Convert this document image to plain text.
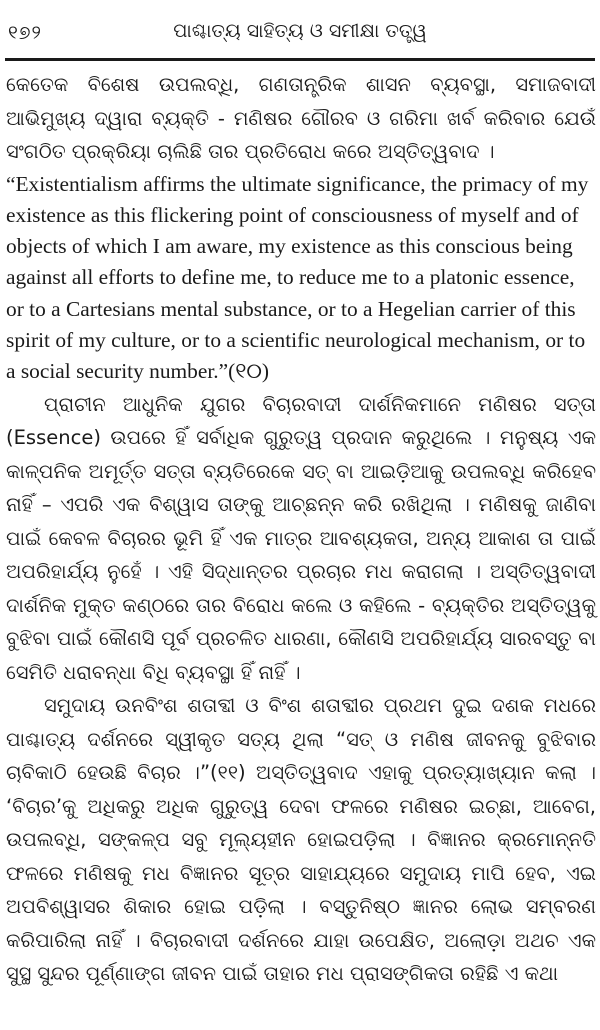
୧୭୨	ପାଶ୍ଚାତ୍ୟ ସାହିତ୍ୟ ଓ ସମୀକ୍ଷା ତତ୍ତ୍ୱ

କେତେକ ବିଶେଷ ଉପଲବ୍ଧି, ଗଣତାନ୍ତ୍ରିକ ଶାସନ ବ୍ୟବସ୍ଥା, ସମାଜବାଦୀ ଆଭିମୁଖ୍ୟ ଦ୍ୱାରା ବ୍ୟକ୍ତି - ମଣିଷର ଗୌରବ ଓ ଗରିମା ଖର୍ବ କରିବାର ଯେଉଁ ସଂଗଠିତ ପ୍ରକ୍ରିୟା ଚାଲିଛି ତାର ପ୍ରତିରୋଧ କରେ ଅସ୍ତିତ୍ୱବାଦ ।

“Existentialism affirms the ultimate significance, the primacy of my existence as this flickering point of consciousness of myself and of objects of which I am aware, my existence as this conscious being against all efforts to define me, to reduce me to a platonic essence, or to a Cartesians mental substance, or to a Hegelian carrier of this spirit of my culture, or to a scientific neurological mechanism, or to a social security number.”(୧୦)

ପ୍ରାଚୀନ ଆଧୁନିକ ଯୁଗର ବିଚାରବାଦୀ ଦାର୍ଶନିକମାନେ ମଣିଷର ସତ୍ତା (Essence) ଉପରେ ହିଁ ସର୍ବାଧିକ ଗୁରୁତ୍ୱ ପ୍ରଦାନ କରୁଥିଲେ । ମନୁଷ୍ୟ ଏକ କାଳ୍ପନିକ ଅମୂର୍ତ୍ତ ସତ୍ତା ବ୍ୟତିରେକେ ସତ୍ ବା ଆଇଡ଼ିଆକୁ ଉପଲବ୍ଧି କରିହେବ ନାହିଁ – ଏପରି ଏକ ବିଶ୍ୱାସ ତାଙ୍କୁ ଆଚ୍ଛନ୍ନ କରି ରଖିଥିଲା । ମଣିଷକୁ ଜାଣିବା ପାଇଁ କେବଳ ବିଚାରର ଭୂମି ହିଁ ଏକ ମାତ୍ର ଆବଶ୍ୟକତା, ଅନ୍ୟ ଆକାଶ ତା ପାଇଁ ଅପରିହାର୍ଯ୍ୟ ନୁହେଁ । ଏହି ସିଦ୍ଧାନ୍ତର ପ୍ରଚାର ମଧ କରାଗଲା । ଅସ୍ତିତ୍ୱବାଦୀ ଦାର୍ଶନିକ ମୁକ୍ତ କଣ୍ଠରେ ତାର ବିରୋଧ କଲେ ଓ କହିଲେ - ବ୍ୟକ୍ତିର ଅସ୍ତିତ୍ୱକୁ ବୁଝିବା ପାଇଁ କୌଣସି ପୂର୍ବ ପ୍ରଚଳିତ ଧାରଣା, କୌଣସି ଅପରିହାର୍ଯ୍ୟ ସାରବସ୍ତୁ ବା ସେମିତି ଧରାବନ୍ଧା ବିଧି ବ୍ୟବସ୍ଥା ହିଁ ନାହିଁ ।

ସମୁଦାୟ ଉନବିଂଶ ଶତାବ୍ଦୀ ଓ ବିଂଶ ଶତାବ୍ଦୀର ପ୍ରଥମ ଦୁଇ ଦଶକ ମଧରେ ପାଶ୍ଚାତ୍ୟ ଦର୍ଶନରେ ସ୍ୱୀକୃତ ସତ୍ୟ ଥିଲା “ସତ୍ ଓ ମଣିଷ ଜୀବନକୁ ବୁଝିବାର ଚାବିକାଠି ହେଉଛି ବିଚାର ।”(୧୧) ଅସ୍ତିତ୍ୱବାଦ ଏହାକୁ ପ୍ରତ୍ୟାଖ୍ୟାନ କଲା । ‘ବିଚାର’କୁ ଅଧିକରୁ ଅଧିକ ଗୁରୁତ୍ୱ ଦେବା ଫଳରେ ମଣିଷର ଇଚ୍ଛା, ଆବେଗ, ଉପଲବ୍ଧି, ସଙ୍କଳ୍ପ ସବୁ ମୂଲ୍ୟହୀନ ହୋଇପଡ଼ିଲା । ବିଜ୍ଞାନର କ୍ରମୋନ୍ନତି ଫଳରେ ମଣିଷକୁ ମଧ ବିଜ୍ଞାନର ସୂତ୍ର ସାହାଯ୍ୟରେ ସମୁଦାୟ ମାପି ହେବ, ଏଇ ଅପବିଶ୍ୱାସର ଶିକାର ହୋଇ ପଡ଼ିଲା । ବସ୍ତୁନିଷ୍ଠ ଜ୍ଞାନର ଲୋଭ ସମ୍ବରଣ କରିପାରିଲା ନାହିଁ । ବିଚାରବାଦୀ ଦର୍ଶନରେ ଯାହା ଉପେକ୍ଷିତ, ଅଲୋଡ଼ା ଅଥଚ ଏକ ସୁସ୍ଥ ସୁନ୍ଦର ପୂର୍ଣ୍ଣାଙ୍ଗ ଜୀବନ ପାଇଁ ତାହାର ମଧ ପ୍ରାସଙ୍ଗିକତା ରହିଛି ଏ କଥା
